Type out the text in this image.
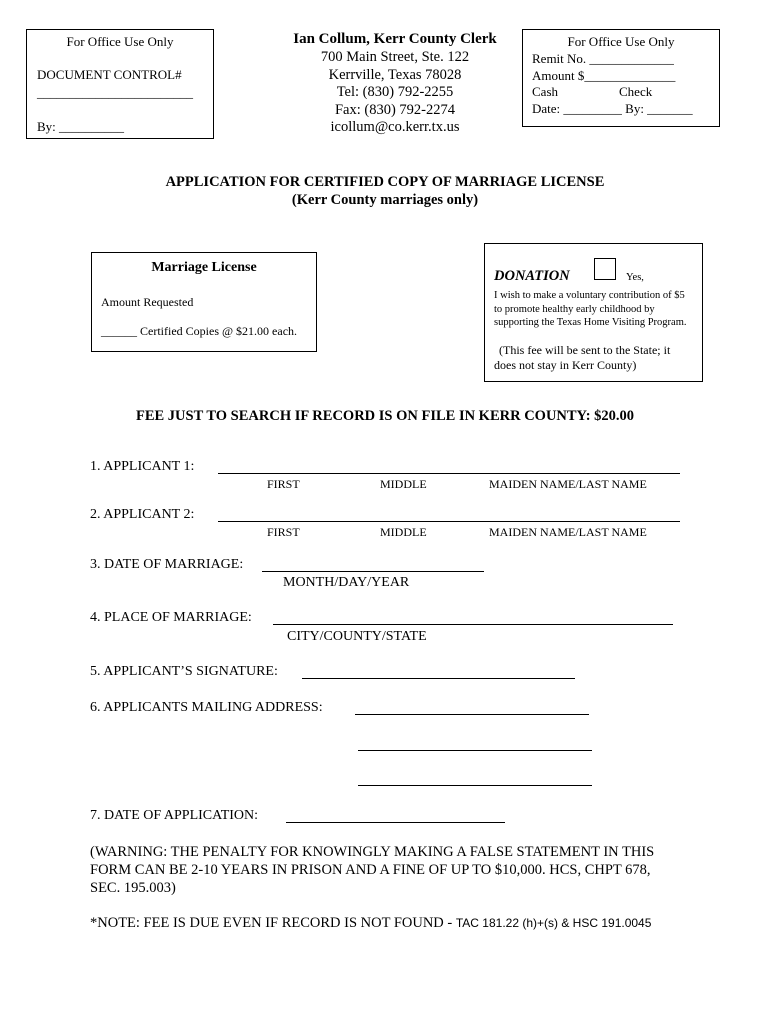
For Office Use Only
DOCUMENT CONTROL#
________________________
By: __________
Ian Collum, Kerr County Clerk
700 Main Street, Ste. 122
Kerrville, Texas 78028
Tel: (830) 792-2255
Fax: (830) 792-2274
icollum@co.kerr.tx.us
For Office Use Only
Remit No. _____________
Amount $______________
Cash	Check
Date: _________ By: _______
APPLICATION FOR CERTIFIED COPY OF MARRIAGE LICENSE
(Kerr County marriages only)
Marriage License
Amount Requested
______ Certified Copies @ $21.00 each.
DONATION	Yes,
I wish to make a voluntary contribution of $5 to promote healthy early childhood by supporting the Texas Home Visiting Program.
(This fee will be sent to the State; it does not stay in Kerr County)
FEE JUST TO SEARCH IF RECORD IS ON FILE IN KERR COUNTY: $20.00
1. APPLICANT 1:
FIRST	MIDDLE	MAIDEN NAME/LAST NAME
2. APPLICANT 2:
FIRST	MIDDLE	MAIDEN NAME/LAST NAME
3. DATE OF MARRIAGE:
MONTH/DAY/YEAR
4. PLACE OF MARRIAGE:
CITY/COUNTY/STATE
5. APPLICANT’S SIGNATURE:
6. APPLICANTS MAILING ADDRESS:
7. DATE OF APPLICATION:
(WARNING: THE PENALTY FOR KNOWINGLY MAKING A FALSE STATEMENT IN THIS FORM CAN BE 2-10 YEARS IN PRISON AND A FINE OF UP TO $10,000. HCS, CHPT 678, SEC. 195.003)
*NOTE: FEE IS DUE EVEN IF RECORD IS NOT FOUND - TAC 181.22 (h)+(s) & HSC 191.0045
